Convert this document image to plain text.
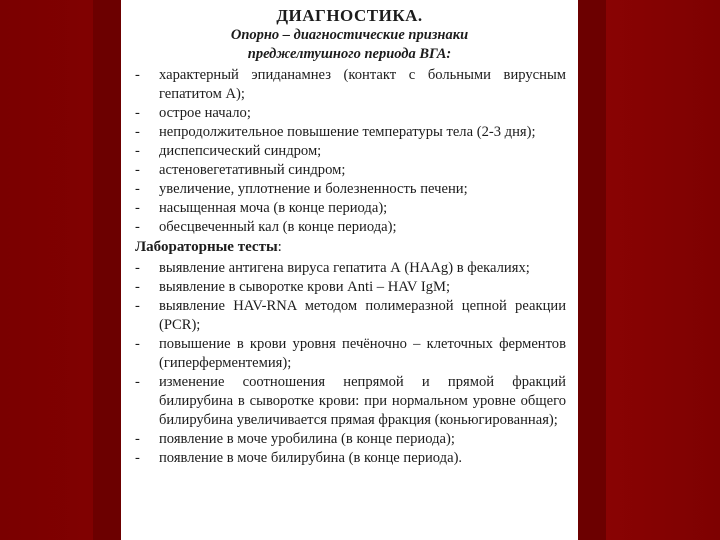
ДИАГНОСТИКА.
Опорно – диагностические признаки
преджелтушного периода ВГА:
- характерный эпиданамнез (контакт с больными вирусным гепатитом А);
- острое начало;
- непродолжительное повышение температуры тела (2-3 дня);
- диспепсический синдром;
- астеновегетативный синдром;
- увеличение, уплотнение и болезненность печени;
- насыщенная моча (в конце периода);
- обесцвеченный кал (в конце периода);
Лабораторные тесты:
- выявление антигена вируса гепатита А (HAAg) в фекалиях;
- выявление в сыворотке крови Anti – HAV IgM;
- выявление HAV-RNA методом полимеразной цепной реакции (PCR);
- повышение в крови уровня печёночно – клеточных ферментов (гиперферментемия);
- изменение соотношения непрямой и прямой фракций билирубина в сыворотке крови: при нормальном уровне общего билирубина увеличивается прямая фракция (коньюгированная);
- появление в моче уробилина (в конце периода);
- появление в моче билирубина (в конце периода).
